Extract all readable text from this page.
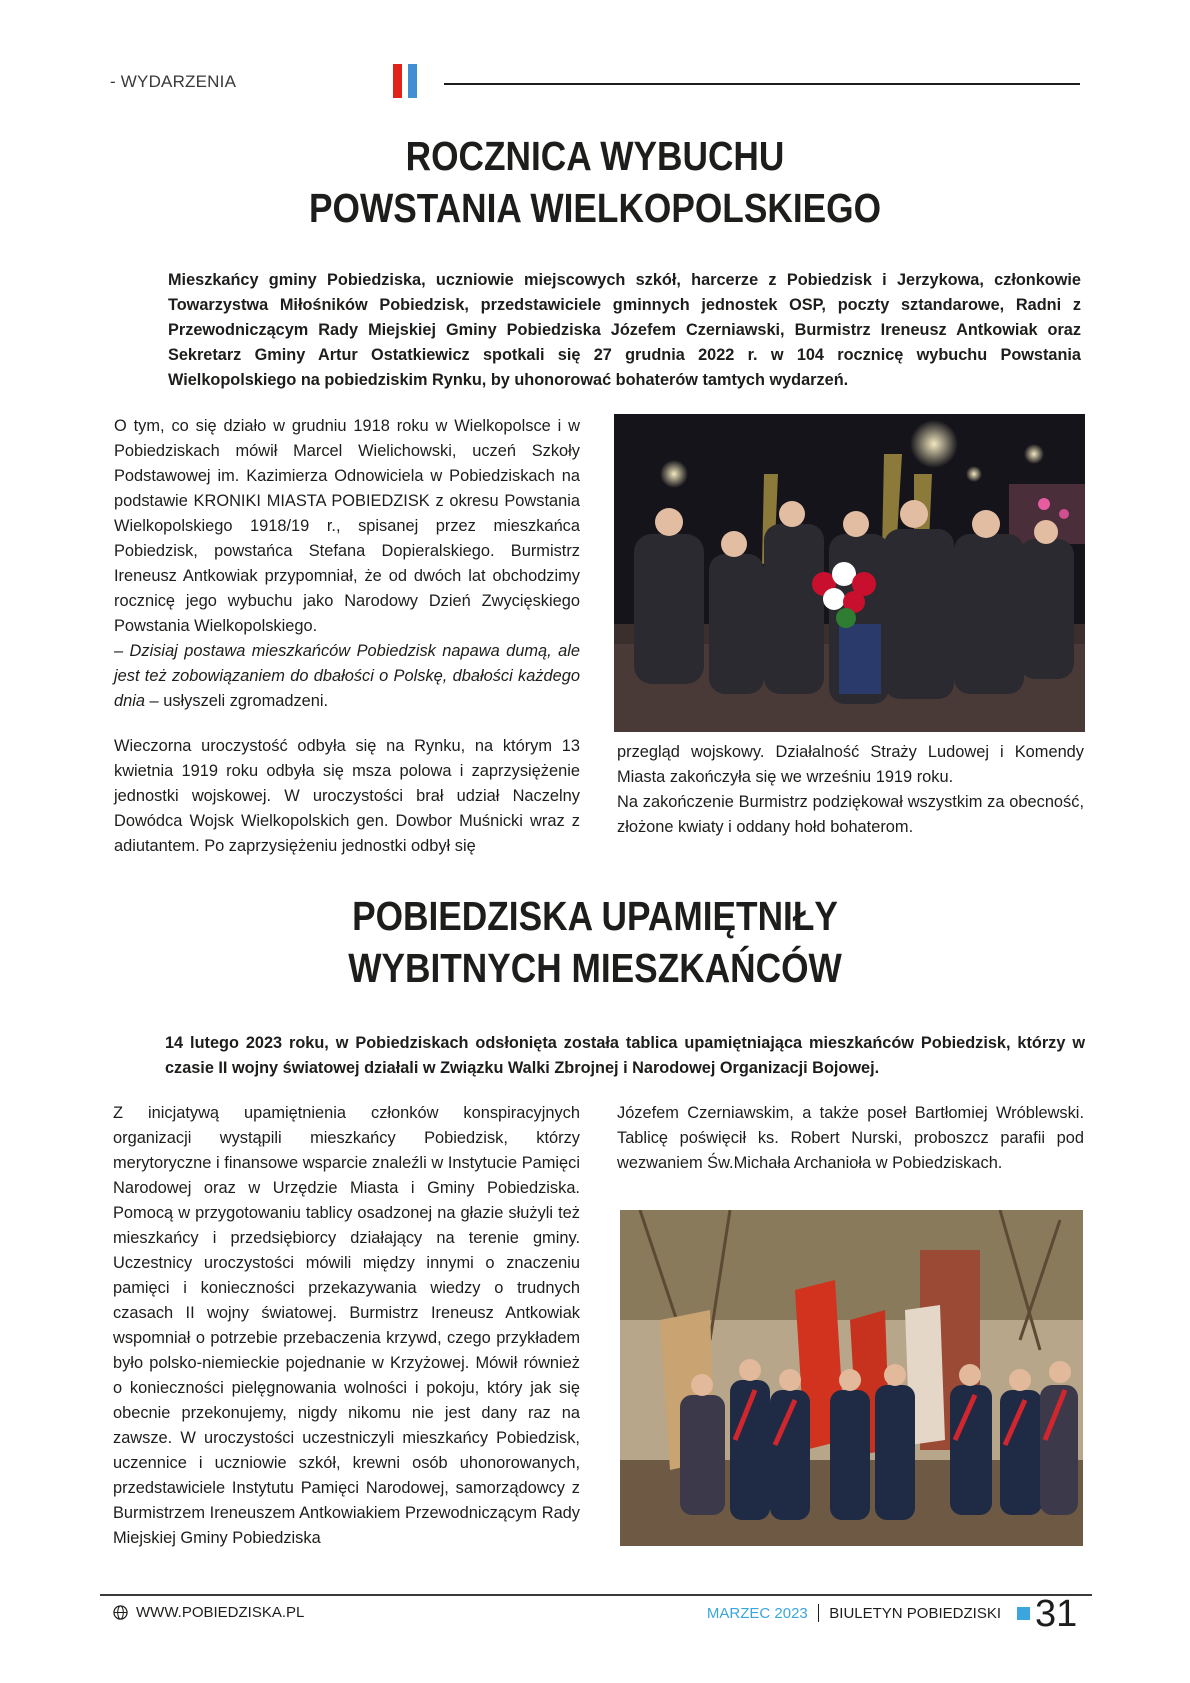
- WYDARZENIA
ROCZNICA WYBUCHU
POWSTANIA WIELKOPOLSKIEGO

Mieszkańcy gminy Pobiedziska, uczniowie miejscowych szkół, harcerze z Pobiedzisk i Jerzykowa, członkowie Towarzystwa Miłośników Pobiedzisk, przedstawiciele gminnych jednostek OSP, poczty sztandarowe, Radni z Przewodniczącym Rady Miejskiej Gminy Pobiedziska Józefem Czerniawski, Burmistrz Ireneusz Antkowiak oraz Sekretarz Gminy Artur Ostatkiewicz spotkali się 27 grudnia 2022 r. w 104 rocznicę wybuchu Powstania Wielkopolskiego na pobiedziskim Rynku, by uhonorować bohaterów tamtych wydarzeń.

O tym, co się działo w grudniu 1918 roku w Wielkopolsce i w Pobiedziskach mówił Marcel Wielichowski, uczeń Szkoły Podstawowej im. Kazimierza Odnowiciela w Pobiedziskach na podstawie KRONIKI MIASTA POBIEDZISK z okresu Powstania Wielkopolskiego 1918/19 r., spisanej przez mieszkańca Pobiedzisk, powstańca Stefana Dopieralskiego. Burmistrz Ireneusz Antkowiak przypomniał, że od dwóch lat obchodzimy rocznicę jego wybuchu jako Narodowy Dzień Zwycięskiego Powstania Wielkopolskiego.

– Dzisiaj postawa mieszkańców Pobiedzisk napawa dumą, ale jest też zobowiązaniem do dbałości o Polskę, dbałości każdego dnia – usłyszeli zgromadzeni.

Wieczorna uroczystość odbyła się na Rynku, na którym 13 kwietnia 1919 roku odbyła się msza polowa i zaprzysiężenie jednostki wojskowej. W uroczystości brał udział Naczelny Dowódca Wojsk Wielkopolskich gen. Dowbor Muśnicki wraz z adiutantem. Po zaprzysiężeniu jednostki odbył się

przegląd wojskowy. Działalność Straży Ludowej i Komendy Miasta zakończyła się we wrześniu 1919 roku.

Na zakończenie Burmistrz podziękował wszystkim za obecność, złożone kwiaty i oddany hołd bohaterom.

POBIEDZISKA UPAMIĘTNIŁY
WYBITNYCH MIESZKAŃCÓW

14 lutego 2023 roku, w Pobiedziskach odsłonięta została tablica upamiętniająca mieszkańców Pobiedzisk, którzy w czasie II wojny światowej działali w Związku Walki Zbrojnej i Narodowej Organizacji Bojowej.

Z inicjatywą upamiętnienia członków konspiracyjnych organizacji wystąpili mieszkańcy Pobiedzisk, którzy merytoryczne i finansowe wsparcie znaleźli w Instytucie Pamięci Narodowej oraz w Urzędzie Miasta i Gminy Pobiedziska. Pomocą w przygotowaniu tablicy osadzonej na głazie służyli też mieszkańcy i przedsiębiorcy działający na terenie gminy. Uczestnicy uroczystości mówili między innymi o znaczeniu pamięci i konieczności przekazywania wiedzy o trudnych czasach II wojny światowej. Burmistrz Ireneusz Antkowiak wspomniał o potrzebie przebaczenia krzywd, czego przykładem było polsko-niemieckie pojednanie w Krzyżowej. Mówił również o konieczności pielęgnowania wolności i pokoju, który jak się obecnie przekonujemy, nigdy nikomu nie jest dany raz na zawsze. W uroczystości uczestniczyli mieszkańcy Pobiedzisk, uczennice i uczniowie szkół, krewni osób uhonorowanych, przedstawiciele Instytutu Pamięci Narodowej, samorządowcy z Burmistrzem Ireneuszem Antkowiakiem Przewodniczącym Rady Miejskiej Gminy Pobiedziska

Józefem Czerniawskim, a także poseł Bartłomiej Wróblewski. Tablicę poświęcił ks. Robert Nurski, proboszcz parafii pod wezwaniem Św.Michała Archanioła w Pobiedziskach.

WWW.POBIEDZISKA.PL	MARZEC 2023 BIULETYN POBIEDZISKI 31
